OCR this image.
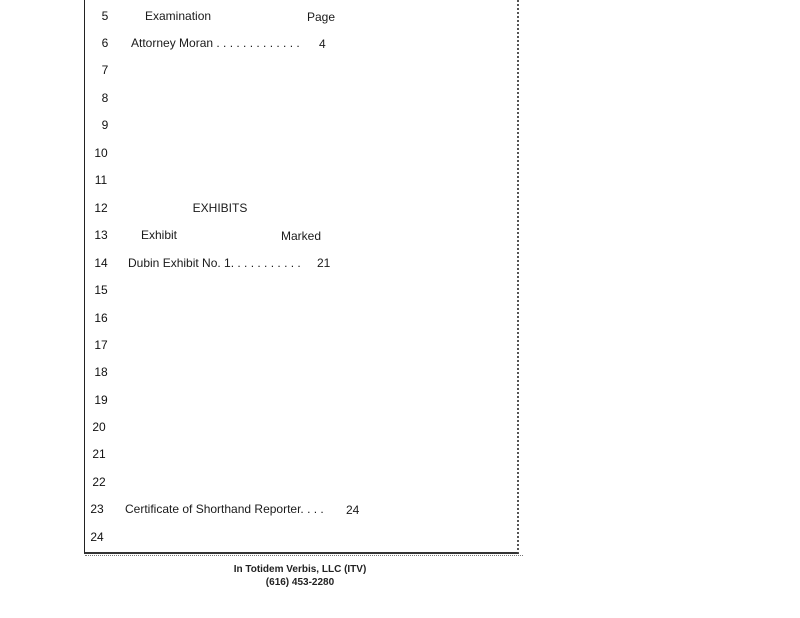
5
6
7
8
9
10
11
12
13
14
15
16
17
18
19
20
21
22
23
24
Examination	Page
Attorney Moran . . . . . . . . . . . . . 4
EXHIBITS
Exhibit	Marked
Dubin Exhibit No. 1. . . . . . . . . . . 21
Certificate of Shorthand Reporter. . . . 24
In Totidem Verbis, LLC (ITV)
(616) 453-2280
